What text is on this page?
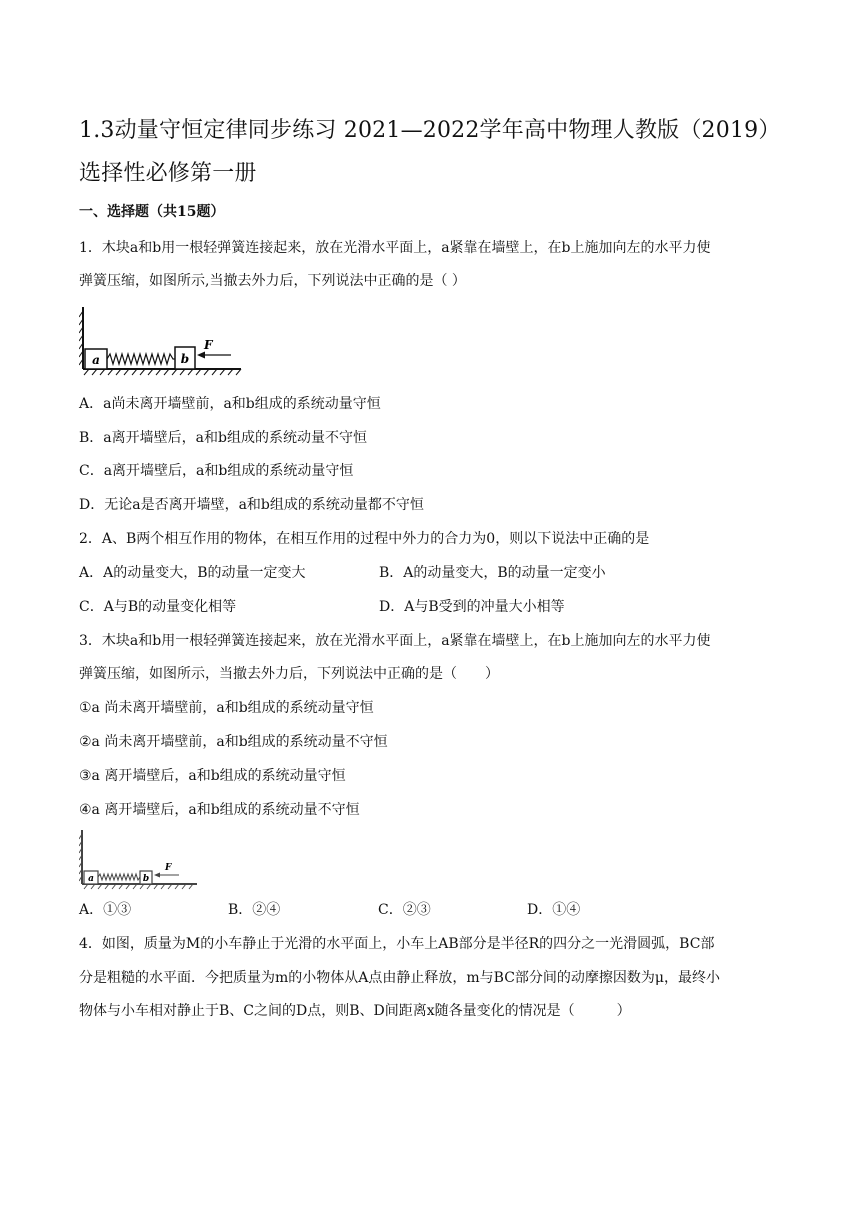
1.3动量守恒定律同步练习 2021—2022学年高中物理人教版（2019）
选择性必修第一册
一、选择题（共15题）
1．木块a和b用一根轻弹簧连接起来，放在光滑水平面上，a紧靠在墙壁上，在b上施加向左的水平力使
弹簧压缩，如图所示,当撤去外力后，下列说法中正确的是（ ）
a	b
F
A．a尚未离开墙壁前，a和b组成的系统动量守恒
B．a离开墙壁后，a和b组成的系统动量不守恒
C．a离开墙壁后，a和b组成的系统动量守恒
D．无论a是否离开墙壁，a和b组成的系统动量都不守恒
2．A、B两个相互作用的物体，在相互作用的过程中外力的合力为0，则以下说法中正确的是
A．A的动量变大，B的动量一定变大	B．A的动量变大，B的动量一定变小
C．A与B的动量变化相等	D．A与B受到的冲量大小相等
3．木块a和b用一根轻弹簧连接起来，放在光滑水平面上，a紧靠在墙壁上，在b上施加向左的水平力使
弹簧压缩，如图所示，当撤去外力后，下列说法中正确的是（　　）
①a 尚未离开墙壁前，a和b组成的系统动量守恒
②a 尚未离开墙壁前，a和b组成的系统动量不守恒
③a 离开墙壁后，a和b组成的系统动量守恒
④a 离开墙壁后，a和b组成的系统动量不守恒
a	b
F
A．①③	B．②④	C．②③	D．①④
4．如图，质量为M的小车静止于光滑的水平面上，小车上AB部分是半径R的四分之一光滑圆弧，BC部
分是粗糙的水平面．今把质量为m的小物体从A点由静止释放，m与BC部分间的动摩擦因数为μ，最终小
物体与小车相对静止于B、C之间的D点，则B、D间距离x随各量变化的情况是（　　　）
